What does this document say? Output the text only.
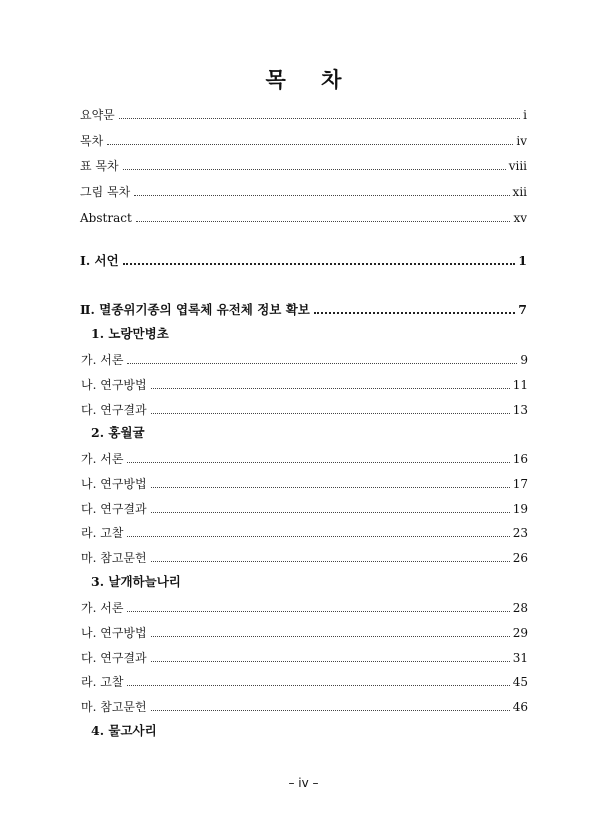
목 차
요약문	i
목차	iv
표 목차	viii
그림 목차	xii
Abstract	xv
Ⅰ. 서언	1
Ⅱ. 멸종위기종의 엽록체 유전체 정보 확보	7
1. 노랑만병초
가. 서론	9
나. 연구방법	11
다. 연구결과	13
2. 홍월귤
가. 서론	16
나. 연구방법	17
다. 연구결과	19
라. 고찰	23
마. 참고문헌	26
3. 날개하늘나리
가. 서론	28
나. 연구방법	29
다. 연구결과	31
라. 고찰	45
마. 참고문헌	46
4. 물고사리
– iv –
